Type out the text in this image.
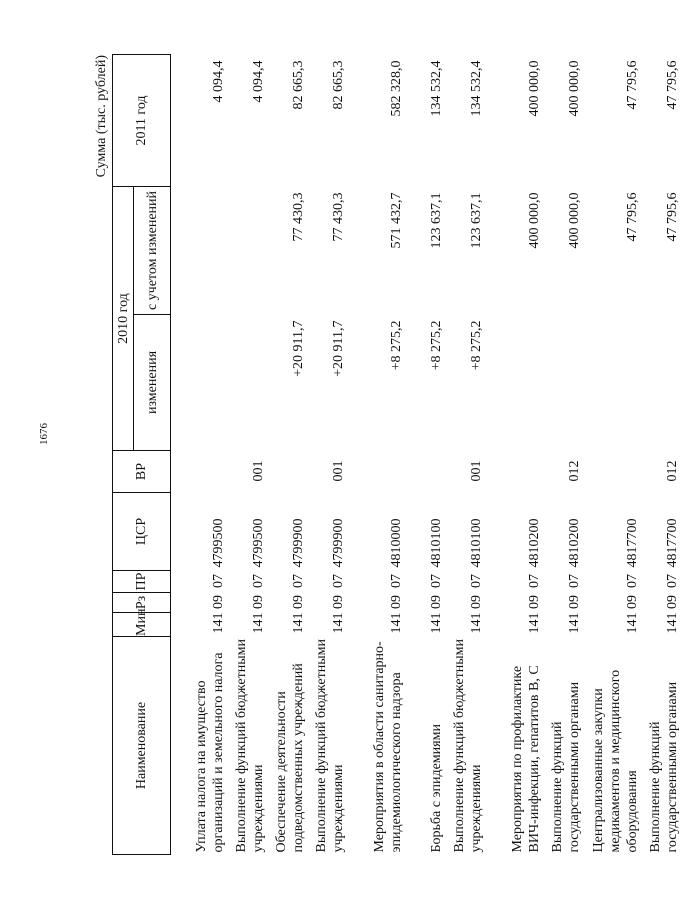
1676
Сумма (тыс. рублей)
Наименование	Мин	Рз	ПР	ЦСР	ВР	2010 год		2011 год
						изменения	с учетом изменений	
Уплата налога на имущество организаций и земельного налога	141	09	07	4799500				4 094,4
Выполнение функций бюджетными учреждениями	141	09	07	4799500	001			4 094,4
Обеспечение деятельности подведомственных учреждений	141	09	07	4799900		+20 911,7	77 430,3	82 665,3
Выполнение функций бюджетными учреждениями	141	09	07	4799900	001	+20 911,7	77 430,3	82 665,3
Мероприятия в области санитарно-эпидемиологического надзора	141	09	07	4810000		+8 275,2	571 432,7	582 328,0
Борьба с эпидемиями	141	09	07	4810100		+8 275,2	123 637,1	134 532,4
Выполнение функций бюджетными учреждениями	141	09	07	4810100	001	+8 275,2	123 637,1	134 532,4
Мероприятия по профилактике ВИЧ-инфекции, гепатитов B, C	141	09	07	4810200			400 000,0	400 000,0
Выполнение функций государственными органами	141	09	07	4810200	012		400 000,0	400 000,0
Централизованные закупки медикаментов и медицинского оборудования	141	09	07	4817700			47 795,6	47 795,6
Выполнение функций государственными органами	141	09	07	4817700	012		47 795,6	47 795,6
